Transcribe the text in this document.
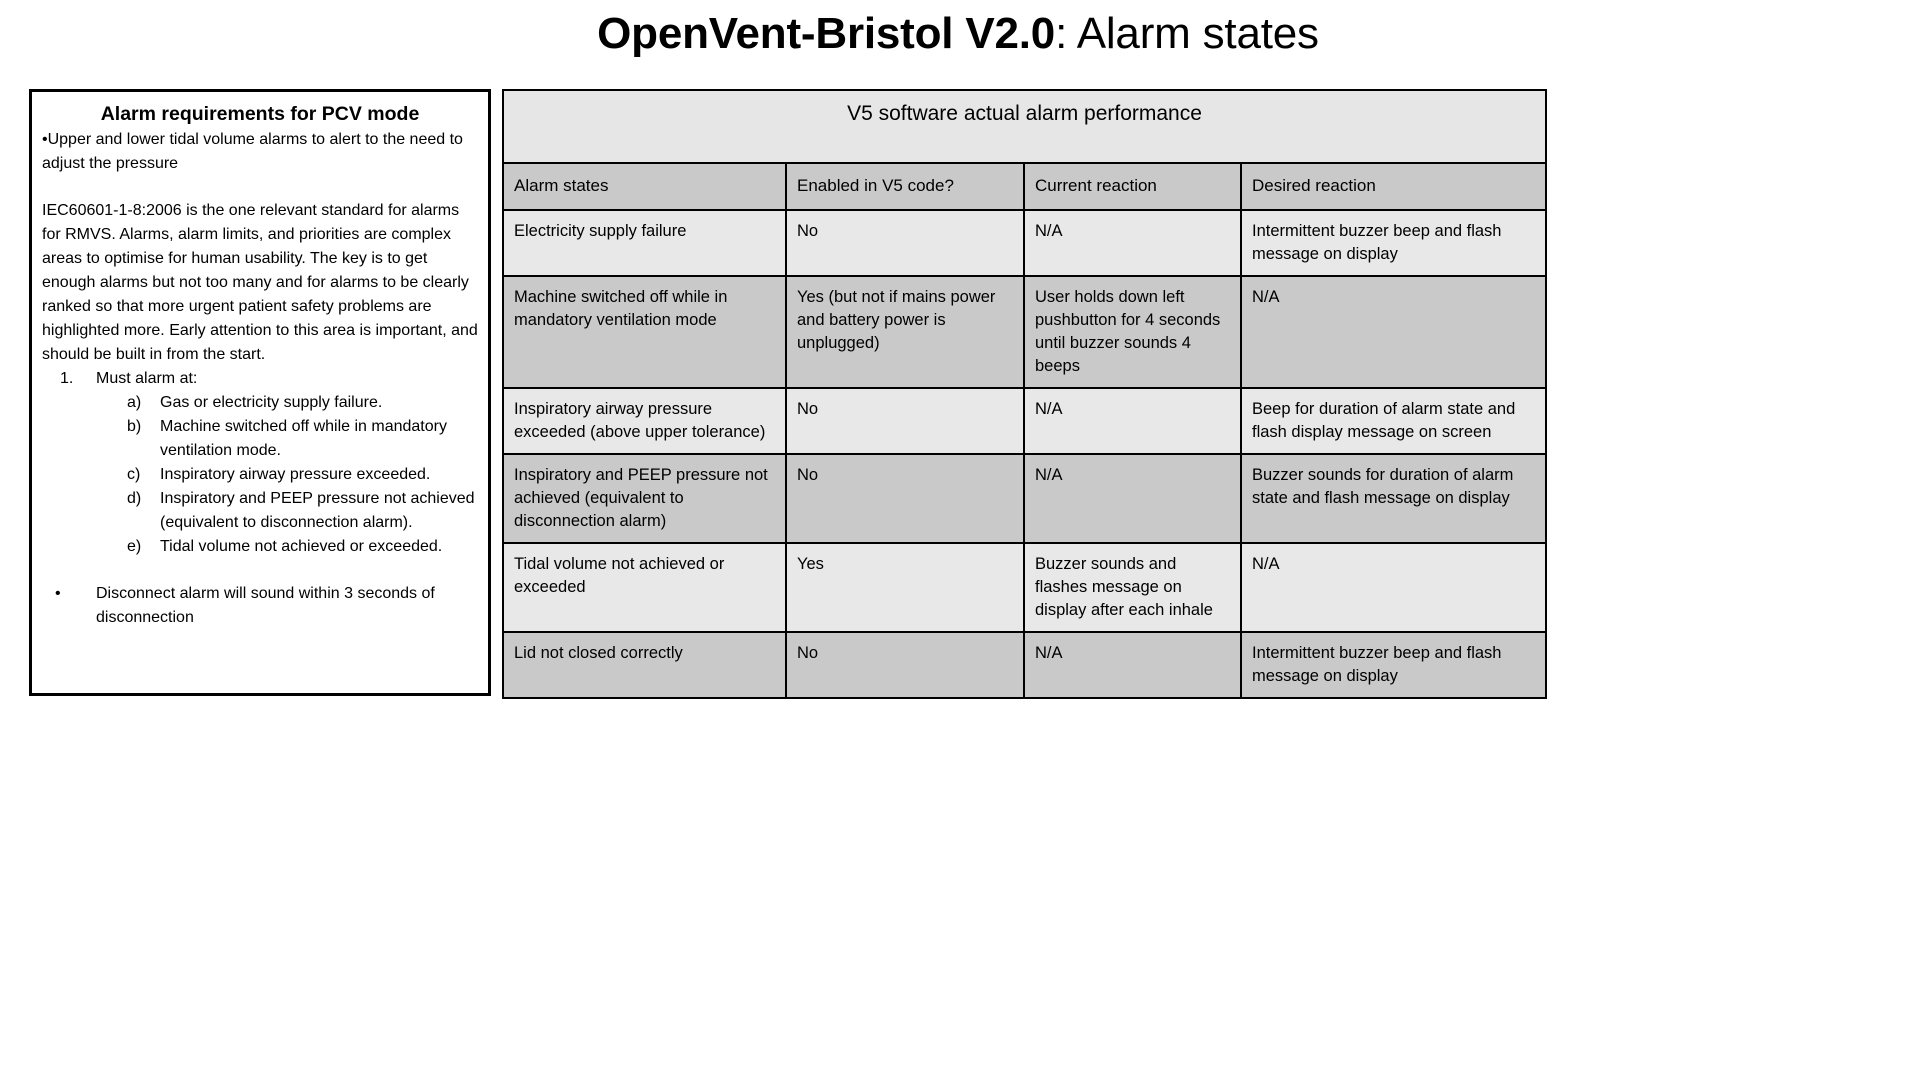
OpenVent-Bristol V2.0: Alarm states
Alarm requirements for PCV mode
•Upper and lower tidal volume alarms to alert to the need to adjust the pressure
IEC60601-1-8:2006 is the one relevant standard for alarms for RMVS. Alarms, alarm limits, and priorities are complex areas to optimise for human usability. The key is to get enough alarms but not too many and for alarms to be clearly ranked so that more urgent patient safety problems are highlighted more. Early attention to this area is important, and should be built in from the start.
1.	Must alarm at:
a)	Gas or electricity supply failure.
b)	Machine switched off while in mandatory ventilation mode.
c)	Inspiratory airway pressure exceeded.
d)	Inspiratory and PEEP pressure not achieved (equivalent to disconnection alarm).
e)	Tidal volume not achieved or exceeded.
• Disconnect alarm will sound within 3 seconds of disconnection
V5 software actual alarm performance			
Alarm states	Enabled in V5 code?	Current reaction	Desired reaction
Electricity supply failure	No	N/A	Intermittent buzzer beep and flash message on display
Machine switched off while in mandatory ventilation mode	Yes (but not if mains power and battery power is unplugged)	User holds down left pushbutton for 4 seconds until buzzer sounds 4 beeps	N/A
Inspiratory airway pressure exceeded (above upper tolerance)	No	N/A	Beep for duration of alarm state and flash display message on screen
Inspiratory and PEEP pressure not achieved (equivalent to disconnection alarm)	No	N/A	Buzzer sounds for duration of alarm state and flash message on display
Tidal volume not achieved or exceeded	Yes	Buzzer sounds and flashes message on display after each inhale	N/A
Lid not closed correctly	No	N/A	Intermittent buzzer beep and flash message on display
